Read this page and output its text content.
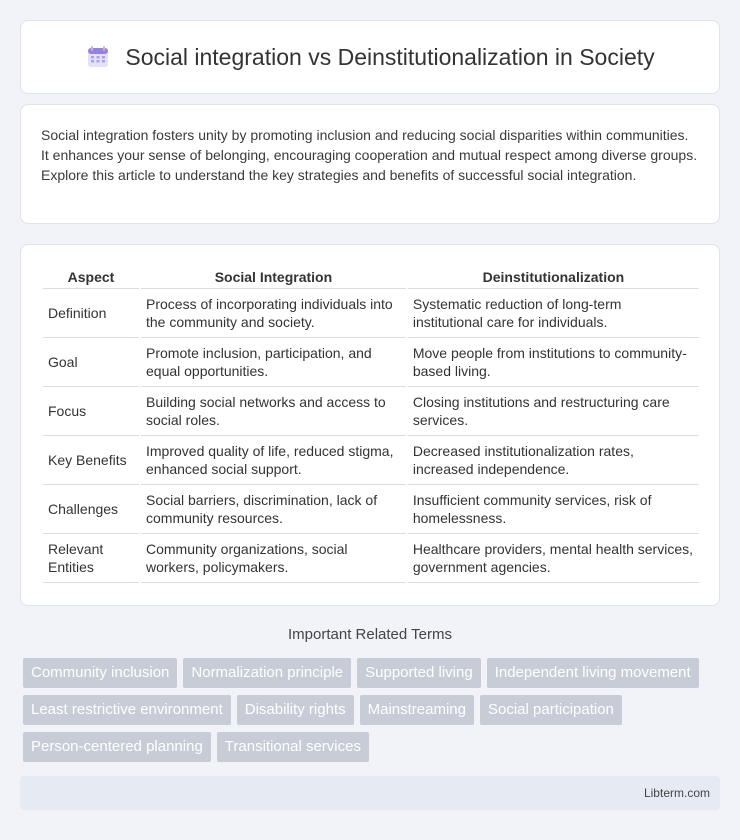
Social integration vs Deinstitutionalization in Society

Social integration fosters unity by promoting inclusion and reducing social disparities within communities. It enhances your sense of belonging, encouraging cooperation and mutual respect among diverse groups. Explore this article to understand the key strategies and benefits of successful social integration.

Aspect	Social Integration	Deinstitutionalization
Definition	Process of incorporating individuals into the community and society.	Systematic reduction of long-term institutional care for individuals.
Goal	Promote inclusion, participation, and equal opportunities.	Move people from institutions to community-based living.
Focus	Building social networks and access to social roles.	Closing institutions and restructuring care services.
Key Benefits	Improved quality of life, reduced stigma, enhanced social support.	Decreased institutionalization rates, increased independence.
Challenges	Social barriers, discrimination, lack of community resources.	Insufficient community services, risk of homelessness.
Relevant Entities	Community organizations, social workers, policymakers.	Healthcare providers, mental health services, government agencies.
Important Related Terms
Community inclusion	Normalization principle	Supported living	Independent living movement
Least restrictive environment	Disability rights	Mainstreaming	Social participation
Person-centered planning	Transitional services
Libterm.com
